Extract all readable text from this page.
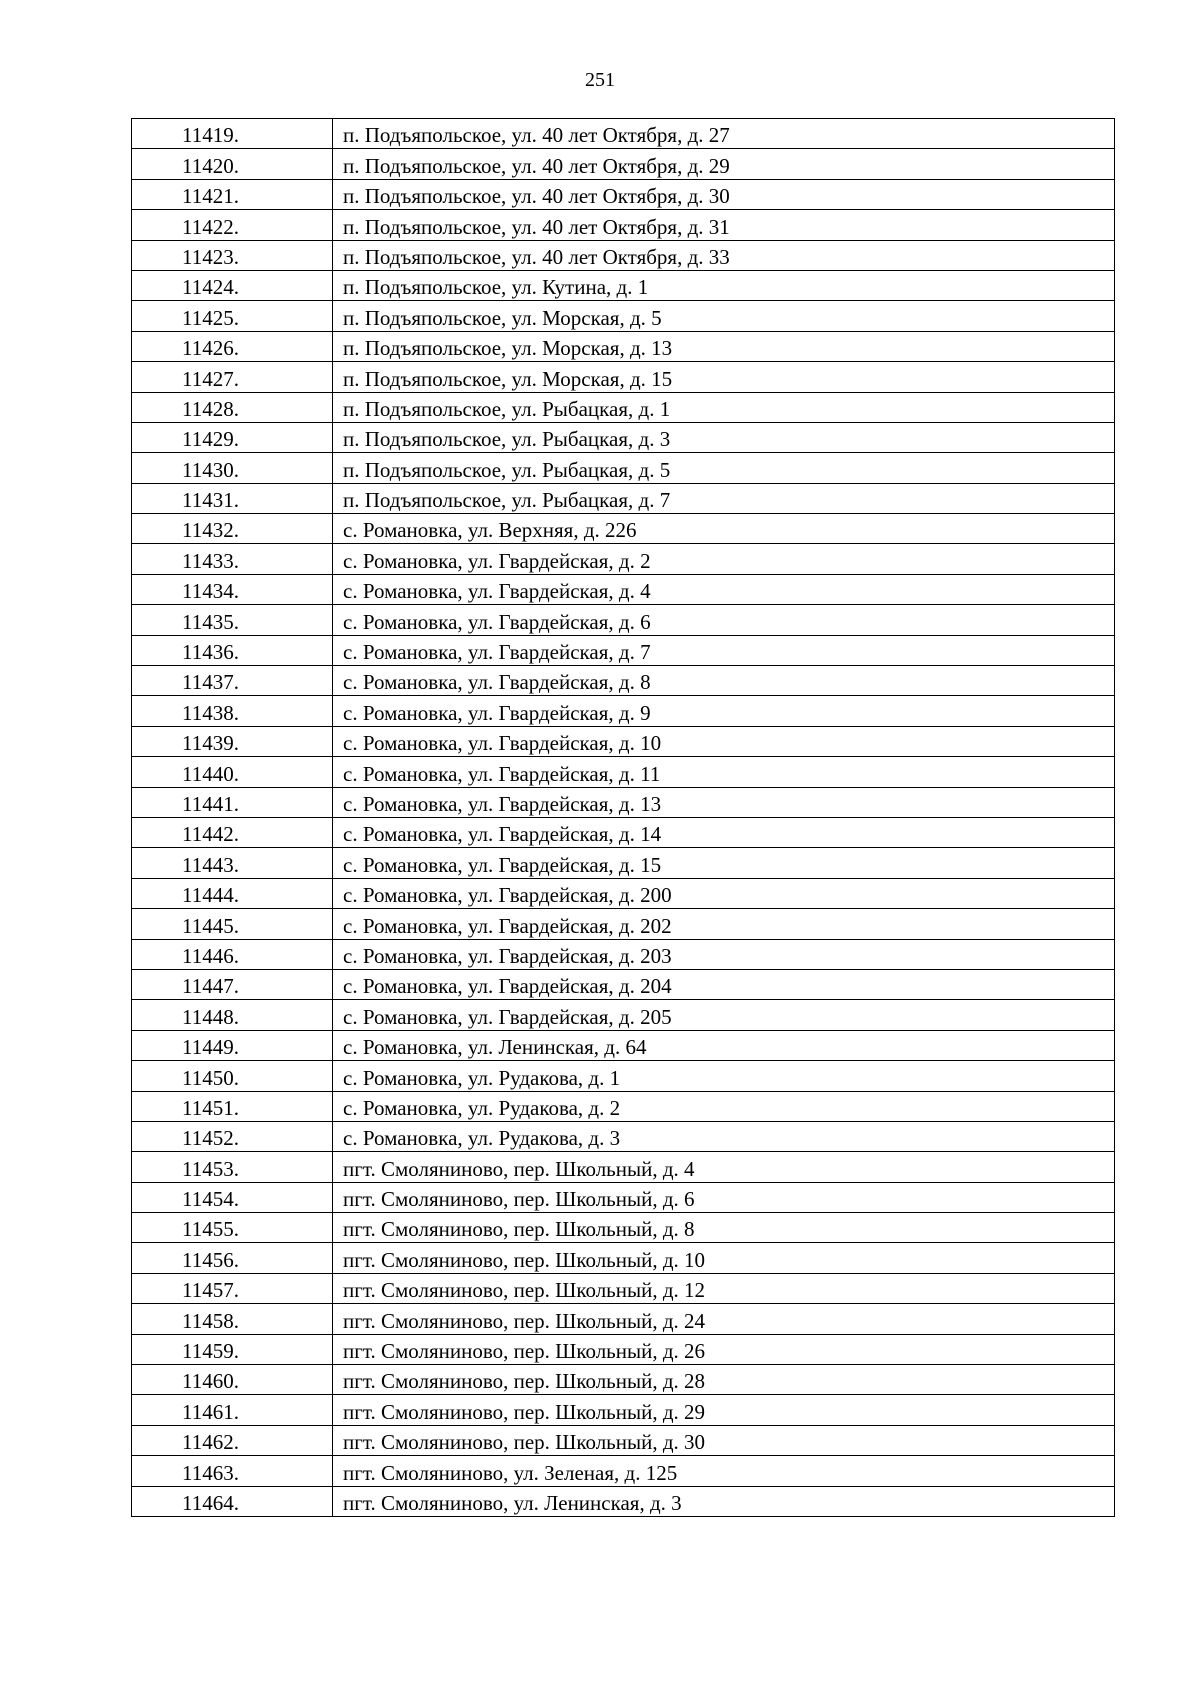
251
11419.	п. Подъяпольское, ул. 40 лет Октября, д. 27
11420.	п. Подъяпольское, ул. 40 лет Октября, д. 29
11421.	п. Подъяпольское, ул. 40 лет Октября, д. 30
11422.	п. Подъяпольское, ул. 40 лет Октября, д. 31
11423.	п. Подъяпольское, ул. 40 лет Октября, д. 33
11424.	п. Подъяпольское, ул. Кутина, д. 1
11425.	п. Подъяпольское, ул. Морская, д. 5
11426.	п. Подъяпольское, ул. Морская, д. 13
11427.	п. Подъяпольское, ул. Морская, д. 15
11428.	п. Подъяпольское, ул. Рыбацкая, д. 1
11429.	п. Подъяпольское, ул. Рыбацкая, д. 3
11430.	п. Подъяпольское, ул. Рыбацкая, д. 5
11431.	п. Подъяпольское, ул. Рыбацкая, д. 7
11432.	с. Романовка, ул. Верхняя, д. 226
11433.	с. Романовка, ул. Гвардейская, д. 2
11434.	с. Романовка, ул. Гвардейская, д. 4
11435.	с. Романовка, ул. Гвардейская, д. 6
11436.	с. Романовка, ул. Гвардейская, д. 7
11437.	с. Романовка, ул. Гвардейская, д. 8
11438.	с. Романовка, ул. Гвардейская, д. 9
11439.	с. Романовка, ул. Гвардейская, д. 10
11440.	с. Романовка, ул. Гвардейская, д. 11
11441.	с. Романовка, ул. Гвардейская, д. 13
11442.	с. Романовка, ул. Гвардейская, д. 14
11443.	с. Романовка, ул. Гвардейская, д. 15
11444.	с. Романовка, ул. Гвардейская, д. 200
11445.	с. Романовка, ул. Гвардейская, д. 202
11446.	с. Романовка, ул. Гвардейская, д. 203
11447.	с. Романовка, ул. Гвардейская, д. 204
11448.	с. Романовка, ул. Гвардейская, д. 205
11449.	с. Романовка, ул. Ленинская, д. 64
11450.	с. Романовка, ул. Рудакова, д. 1
11451.	с. Романовка, ул. Рудакова, д. 2
11452.	с. Романовка, ул. Рудакова, д. 3
11453.	пгт. Смоляниново, пер. Школьный, д. 4
11454.	пгт. Смоляниново, пер. Школьный, д. 6
11455.	пгт. Смоляниново, пер. Школьный, д. 8
11456.	пгт. Смоляниново, пер. Школьный, д. 10
11457.	пгт. Смоляниново, пер. Школьный, д. 12
11458.	пгт. Смоляниново, пер. Школьный, д. 24
11459.	пгт. Смоляниново, пер. Школьный, д. 26
11460.	пгт. Смоляниново, пер. Школьный, д. 28
11461.	пгт. Смоляниново, пер. Школьный, д. 29
11462.	пгт. Смоляниново, пер. Школьный, д. 30
11463.	пгт. Смоляниново, ул. Зеленая, д. 125
11464.	пгт. Смоляниново, ул. Ленинская, д. 3
